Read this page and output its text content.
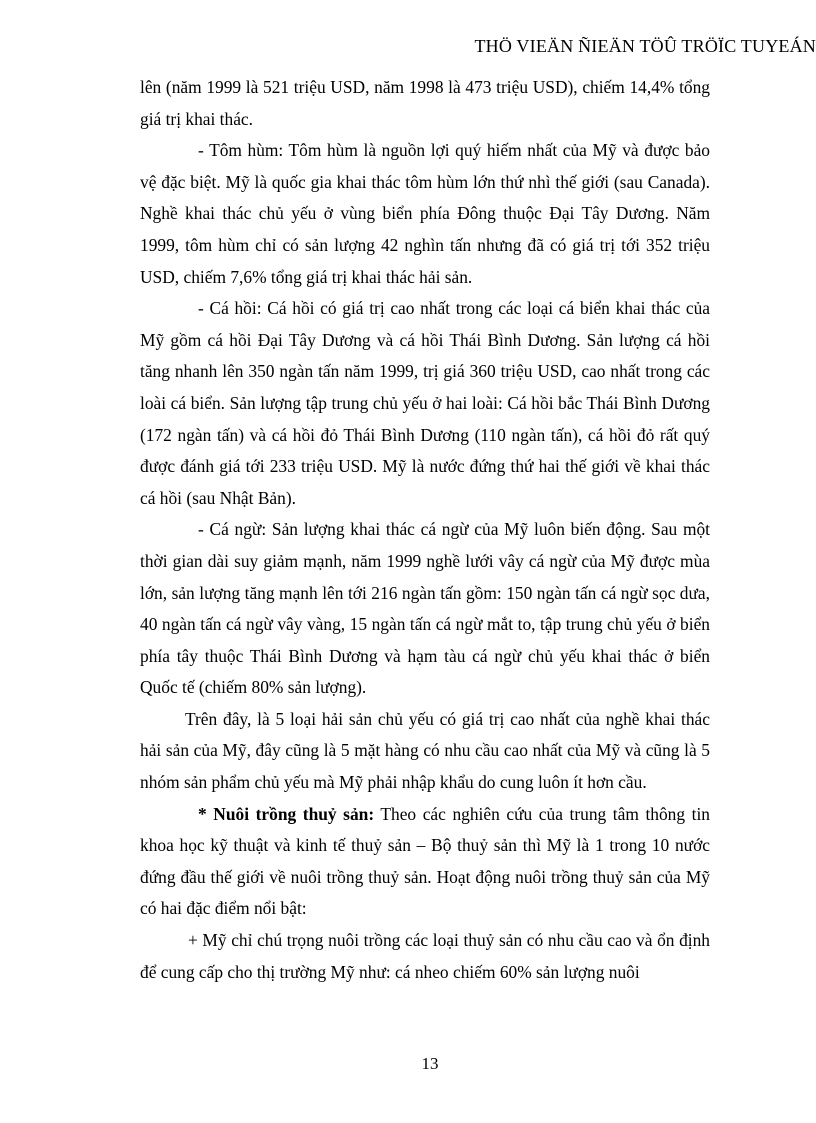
THÖ VIEÄN ÑIEÄN TÖÛ TRÖÏC TUYEÁN

lên (năm 1999 là 521 triệu USD, năm 1998 là 473 triệu USD), chiếm 14,4% tổng giá trị khai thác.

- Tôm hùm: Tôm hùm là nguồn lợi quý hiếm nhất của Mỹ và được bảo vệ đặc biệt. Mỹ là quốc gia khai thác tôm hùm lớn thứ nhì thế giới (sau Canada). Nghề khai thác chủ yếu ở vùng biển phía Đông thuộc Đại Tây Dương. Năm 1999, tôm hùm chỉ có sản lượng 42 nghìn tấn nhưng đã có giá trị tới 352 triệu USD, chiếm 7,6% tổng giá trị khai thác hải sản.

- Cá hồi: Cá hồi có giá trị cao nhất trong các loại cá biển khai thác của Mỹ gồm cá hồi Đại Tây Dương và cá hồi Thái Bình Dương. Sản lượng cá hồi tăng nhanh lên 350 ngàn tấn năm 1999, trị giá 360 triệu USD, cao nhất trong các loài cá biển. Sản lượng tập trung chủ yếu ở hai loài: Cá hồi bắc Thái Bình Dương (172 ngàn tấn) và cá hồi đỏ Thái Bình Dương (110 ngàn tấn), cá hồi đỏ rất quý được đánh giá tới 233 triệu USD. Mỹ là nước đứng thứ hai thế giới về khai thác cá hồi (sau Nhật Bản).

- Cá ngừ: Sản lượng khai thác cá ngừ của Mỹ luôn biến động. Sau một thời gian dài suy giảm mạnh, năm 1999 nghề lưới vây cá ngừ của Mỹ được mùa lớn, sản lượng tăng mạnh lên tới 216 ngàn tấn gồm: 150 ngàn tấn cá ngừ sọc dưa, 40 ngàn tấn cá ngừ vây vàng, 15 ngàn tấn cá ngừ mắt to, tập trung chủ yếu ở biển phía tây thuộc Thái Bình Dương và hạm tàu cá ngừ chủ yếu khai thác ở biển Quốc tế (chiếm 80% sản lượng).

Trên đây, là 5 loại hải sản chủ yếu có giá trị cao nhất của nghề khai thác hải sản của Mỹ, đây cũng là 5 mặt hàng có nhu cầu cao nhất của Mỹ và cũng là 5 nhóm sản phẩm chủ yếu mà Mỹ phải nhập khẩu do cung luôn ít hơn cầu.

* Nuôi trồng thuỷ sản: Theo các nghiên cứu của trung tâm thông tin khoa học kỹ thuật và kinh tế thuỷ sản – Bộ thuỷ sản thì Mỹ là 1 trong 10 nước đứng đầu thế giới về nuôi trồng thuỷ sản. Hoạt động nuôi trồng thuỷ sản của Mỹ có hai đặc điểm nổi bật:

+ Mỹ chỉ chú trọng nuôi trồng các loại thuỷ sản có nhu cầu cao và ổn định để cung cấp cho thị trường Mỹ như: cá nheo chiếm 60% sản lượng nuôi

13
